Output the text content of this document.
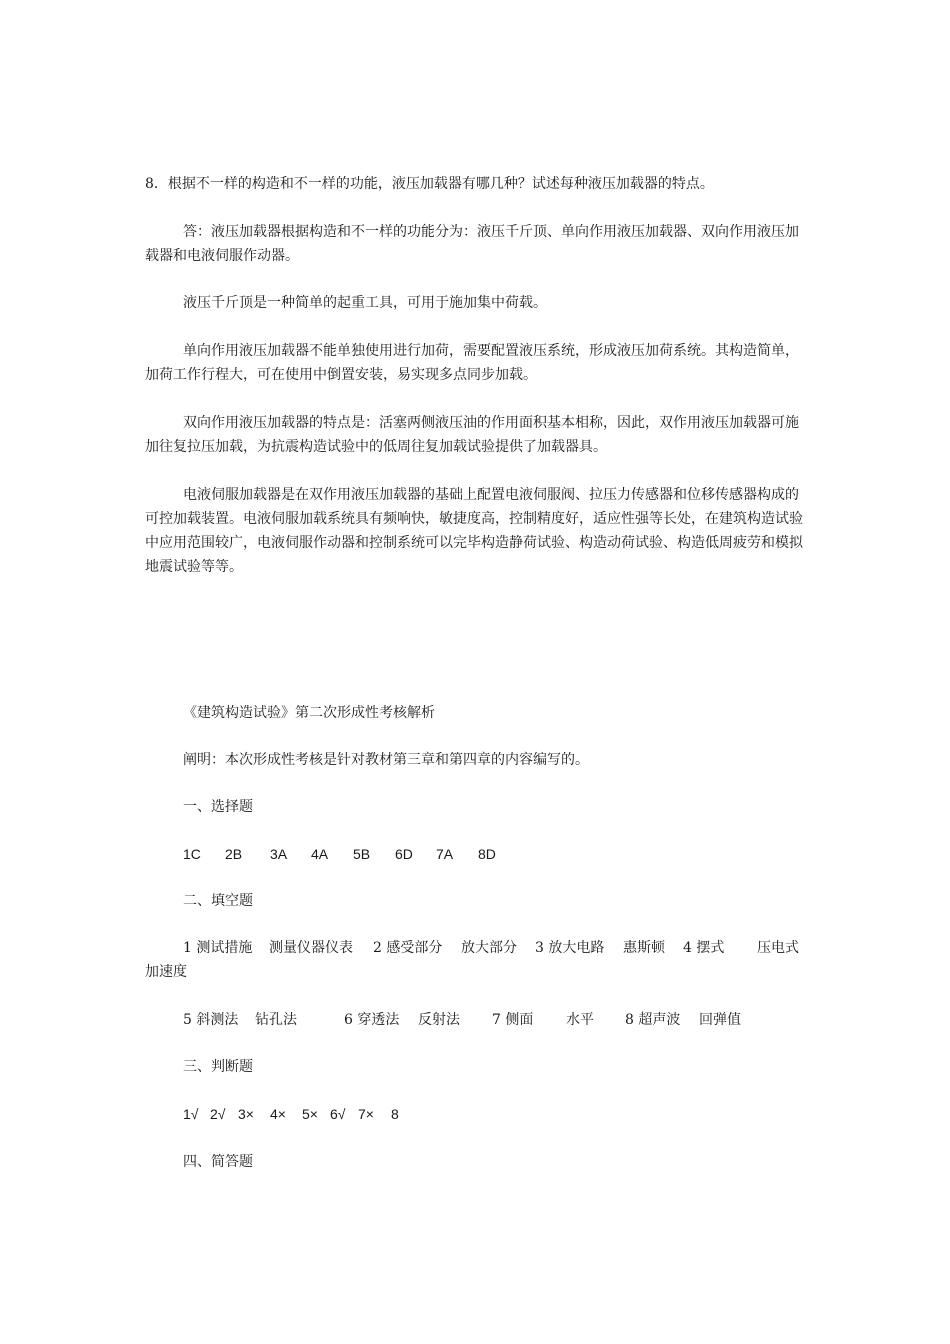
8．根据不一样的构造和不一样的功能，液压加载器有哪几种？试述每种液压加载器的特点。

答：液压加载器根据构造和不一样的功能分为：液压千斤顶、单向作用液压加载器、双向作用液压加载器和电液伺服作动器。

液压千斤顶是一种简单的起重工具，可用于施加集中荷载。

单向作用液压加载器不能单独使用进行加荷，需要配置液压系统，形成液压加荷系统。其构造简单，加荷工作行程大，可在使用中倒置安装，易实现多点同步加载。

双向作用液压加载器的特点是：活塞两侧液压油的作用面积基本相称，因此，双作用液压加载器可施加往复拉压加载，为抗震构造试验中的低周往复加载试验提供了加载器具。

电液伺服加载器是在双作用液压加载器的基础上配置电液伺服阀、拉压力传感器和位移传感器构成的可控加载装置。电液伺服加载系统具有频响快，敏捷度高，控制精度好，适应性强等长处，在建筑构造试验中应用范围较广，电液伺服作动器和控制系统可以完毕构造静荷试验、构造动荷试验、构造低周疲劳和模拟地震试验等等。

《建筑构造试验》第二次形成性考核解析
阐明：本次形成性考核是针对教材第三章和第四章的内容编写的。
一、选择题
1C 2B 3A 4A 5B 6D 7A 8D
二、填空题
1 测试措施 测量仪器仪表 2 感受部分 放大部分 3 放大电路 惠斯顿 4 摆式 压电式
加速度
5 斜测法 钻孔法	6 穿透法 反射法 7 侧面 水平 8 超声波 回弹值
三、判断题
1√ 2√ 3× 4× 5× 6√ 7× 8
四、简答题
